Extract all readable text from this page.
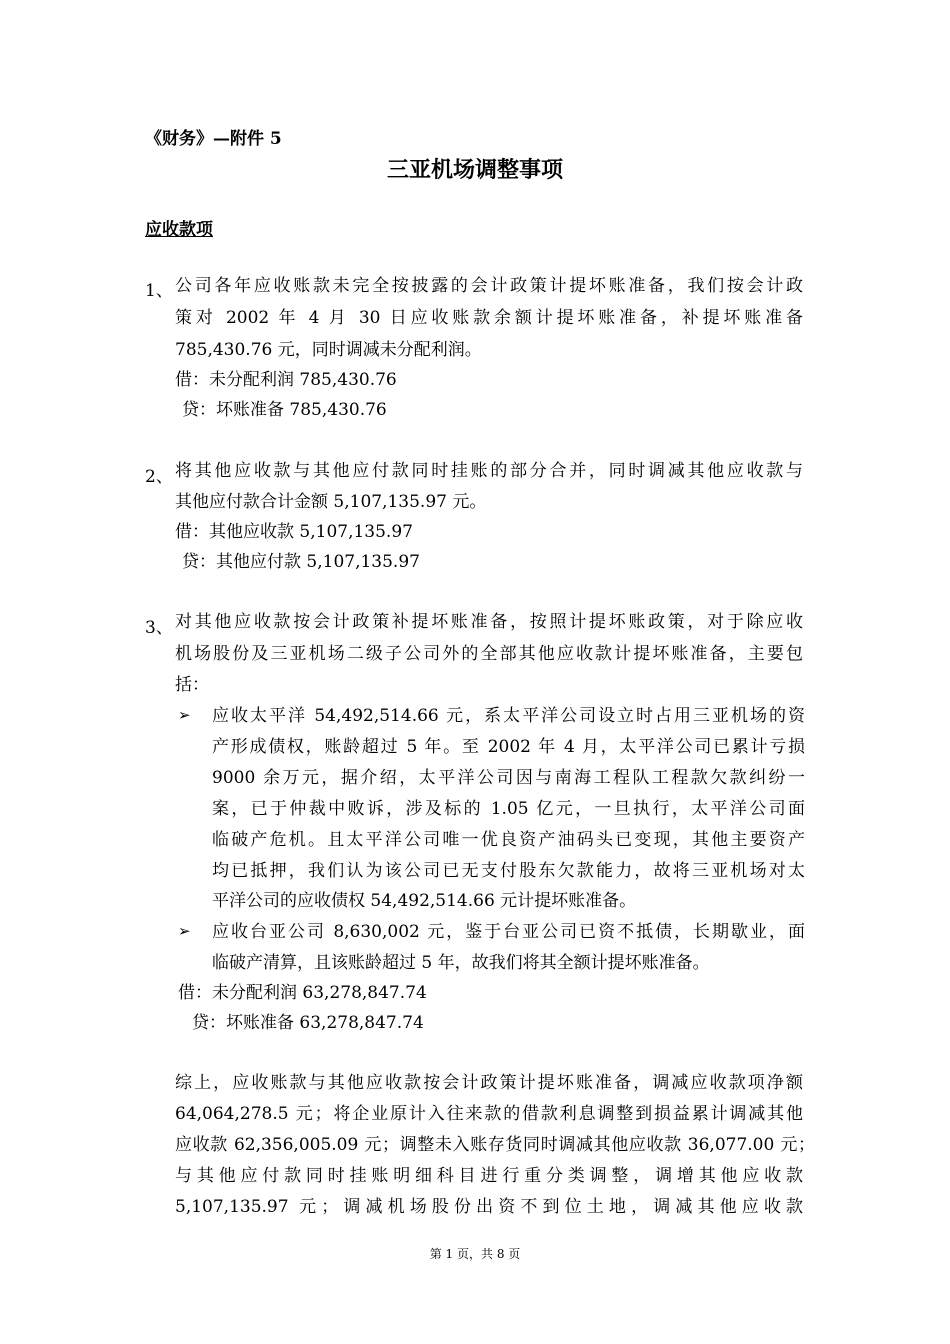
《财务》—附件 5
三亚机场调整事项
应收款项
1、 公司各年应收账款未完全按披露的会计政策计提坏账准备，我们按会计政
策对 2002 年 4 月 30 日应收账款余额计提坏账准备，补提坏账准备
785,430.76 元，同时调减未分配利润。
借：未分配利润 785,430.76
贷：坏账准备 785,430.76
2、 将其他应收款与其他应付款同时挂账的部分合并，同时调减其他应收款与
其他应付款合计金额 5,107,135.97 元。
借：其他应收款 5,107,135.97
贷：其他应付款 5,107,135.97
3、 对其他应收款按会计政策补提坏账准备，按照计提坏账政策，对于除应收
机场股份及三亚机场二级子公司外的全部其他应收款计提坏账准备，主要包
括：
➢ 应收太平洋 54,492,514.66 元，系太平洋公司设立时占用三亚机场的资
产形成债权，账龄超过 5 年。至 2002 年 4 月，太平洋公司已累计亏损
9000 余万元，据介绍，太平洋公司因与南海工程队工程款欠款纠纷一
案，已于仲裁中败诉，涉及标的 1.05 亿元，一旦执行，太平洋公司面
临破产危机。且太平洋公司唯一优良资产油码头已变现，其他主要资产
均已抵押，我们认为该公司已无支付股东欠款能力，故将三亚机场对太
平洋公司的应收债权 54,492,514.66 元计提坏账准备。
➢ 应收台亚公司 8,630,002 元，鉴于台亚公司已资不抵债，长期歇业，面
临破产清算，且该账龄超过 5 年，故我们将其全额计提坏账准备。
借：未分配利润 63,278,847.74
贷：坏账准备 63,278,847.74
综上，应收账款与其他应收款按会计政策计提坏账准备，调减应收款项净额
64,064,278.5 元；将企业原计入往来款的借款利息调整到损益累计调减其他
应收款 62,356,005.09 元；调整未入账存货同时调减其他应收款 36,077.00 元；
与其他应付款同时挂账明细科目进行重分类调整，调增其他应收款
5,107,135.97 元；调减机场股份出资不到位土地，调减其他应收款
第 1 页，共 8 页
